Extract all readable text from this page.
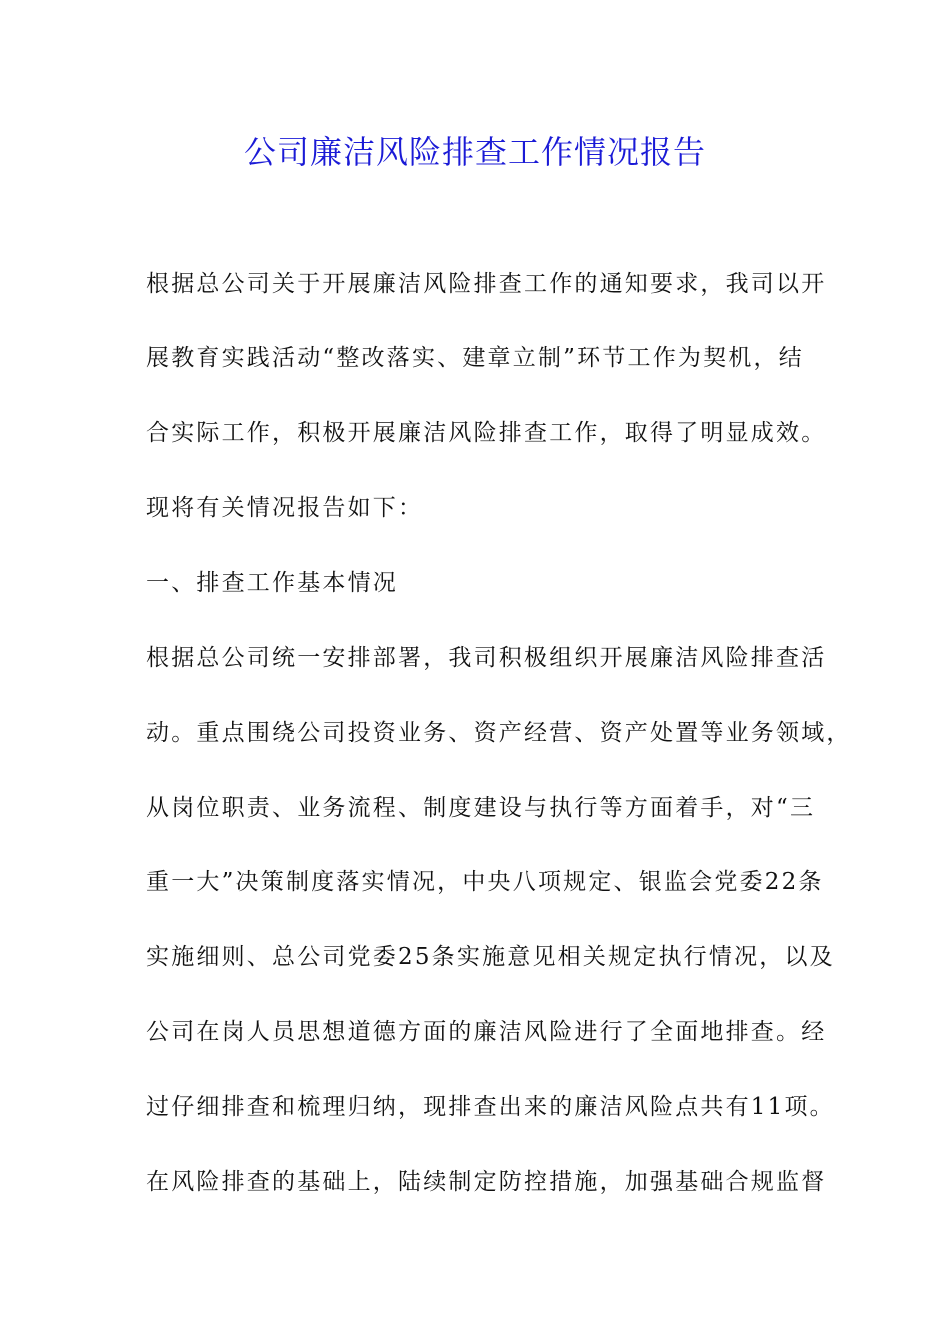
公司廉洁风险排查工作情况报告

根据总公司关于开展廉洁风险排查工作的通知要求，我司以开

展教育实践活动“整改落实、建章立制”环节工作为契机，结

合实际工作，积极开展廉洁风险排查工作，取得了明显成效。

现将有关情况报告如下：

一、排查工作基本情况

根据总公司统一安排部署，我司积极组织开展廉洁风险排查活

动。重点围绕公司投资业务、资产经营、资产处置等业务领域，

从岗位职责、业务流程、制度建设与执行等方面着手，对“三

重一大”决策制度落实情况，中央八项规定、银监会党委22条

实施细则、总公司党委25条实施意见相关规定执行情况，以及

公司在岗人员思想道德方面的廉洁风险进行了全面地排查。经

过仔细排查和梳理归纳，现排查出来的廉洁风险点共有11项。

在风险排查的基础上，陆续制定防控措施，加强基础合规监督
